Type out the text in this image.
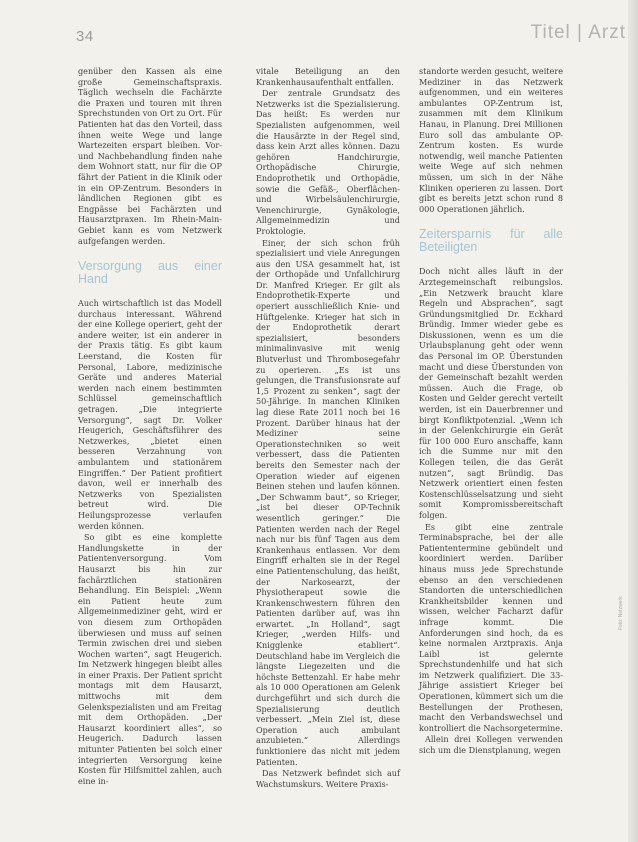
34	Titel | Arzt

genüber den Kassen als eine große Gemeinschaftspraxis. Täglich wechseln die Fachärzte die Praxen und touren mit ihren Sprechstunden von Ort zu Ort. Für Patienten hat das den Vorteil, dass ihnen weite Wege und lange Wartezeiten erspart bleiben. Vor- und Nachbehandlung finden nahe dem Wohnort statt, nur für die OP fährt der Patient in die Klinik oder in ein OP-Zentrum. Besonders in ländlichen Regionen gibt es Engpässe bei Fachärzten und Hausarztpraxen. Im Rhein-Main-Gebiet kann es vom Netzwerk aufgefangen werden.

Versorgung aus einer Hand

Auch wirtschaftlich ist das Modell durchaus interessant. Während der eine Kollege operiert, geht der andere weiter, ist ein anderer in der Praxis tätig. Es gibt kaum Leerstand, die Kosten für Personal, Labore, medizinische Geräte und anderes Material werden nach einem bestimmten Schlüssel gemeinschaftlich getragen. „Die integrierte Versorgung“, sagt Dr. Volker Heugerich, Geschäftsführer des Netzwerkes, „bietet einen besseren Verzahnung von ambulantem und stationärem Eingriffen.“ Der Patient profitiert davon, weil er innerhalb des Netzwerks von Spezialisten betreut wird. Die Heilungsprozesse verlaufen werden können.

So gibt es eine komplette Handlungskette in der Patientenversorgung. Vom Hausarzt bis hin zur fachärztlichen stationären Behandlung. Ein Beispiel: „Wenn ein Patient heute zum Allgemeinmediziner geht, wird er von diesem zum Orthopäden überwiesen und muss auf seinen Termin zwischen drei und sieben Wochen warten“, sagt Heugerich. Im Netzwerk hingegen bleibt alles in einer Praxis. Der Patient spricht montags mit dem Hausarzt, mittwochs mit dem Gelenkspezialisten und am Freitag mit dem Orthopäden. „Der Hausarzt koordiniert alles“, so Heugerich. Dadurch lassen mitunter Patienten bei solch einer integrierten Versorgung keine Kosten für Hilfsmittel zahlen, auch eine in-

vitale Beteiligung an den Krankenhausaufenthalt entfallen.

Der zentrale Grundsatz des Netzwerks ist die Spezialisierung. Das heißt: Es werden nur Spezialisten aufgenommen, weil die Hausärzte in der Regel sind, dass kein Arzt alles können. Dazu gehören Handchirurgie, Orthopädische Chirurgie, Endoprothetik und Orthopädie, sowie die Gefäß-, Oberflächen- und Wirbelsäulenchirurgie, Venenchirurgie, Gynäkologie, Allgemeinmedizin und Proktologie.

Einer, der sich schon früh spezialisiert und viele Anregungen aus den USA gesammelt hat, ist der Orthopäde und Unfallchirurg Dr. Manfred Krieger. Er gilt als Endoprothetik-Experte und operiert ausschließlich Knie- und Hüftgelenke. Krieger hat sich in der Endoprothetik derart spezialisiert, besonders minimalinvasive mit wenig Blutverlust und Thrombosegefahr zu operieren. „Es ist uns gelungen, die Transfusionsrate auf 1,5 Prozent zu senken“, sagt der 50-Jährige. In manchen Kliniken lag diese Rate 2011 noch bei 16 Prozent. Darüber hinaus hat der Mediziner seine Operationstechniken so weit verbessert, dass die Patienten bereits den Semester nach der Operation wieder auf eigenen Beinen stehen und laufen können. „Der Schwamm baut“, so Krieger, „ist bei dieser OP-Technik wesentlich geringer.“ Die Patienten werden nach der Regel nach nur bis fünf Tagen aus dem Krankenhaus entlassen. Vor dem Eingriff erhalten sie in der Regel eine Patientenschulung, das heißt, der Narkosearzt, der Physiotherapeut sowie die Krankenschwestern führen den Patienten darüber auf, was ihn erwartet. „In Holland“, sagt Krieger, „werden Hilfs- und Knigglenke etabliert“. Deutschland habe im Vergleich die längste Liegezeiten und die höchste Bettenzahl. Er habe mehr als 10 000 Operationen am Gelenk durchgeführt und sich durch die Spezialisierung deutlich verbessert. „Mein Ziel ist, diese Operation auch ambulant anzubieten.“ Allerdings funktioniere das nicht mit jedem Patienten.

Das Netzwerk befindet sich auf Wachstumskurs. Weitere Praxis-

standorte werden gesucht, weitere Mediziner in das Netzwerk aufgenommen, und ein weiteres ambulantes OP-Zentrum ist, zusammen mit dem Klinikum Hanau, in Planung. Drei Millionen Euro soll das ambulante OP-Zentrum kosten. Es wurde notwendig, weil manche Patienten weite Wege auf sich nehmen müssen, um sich in der Nähe Kliniken operieren zu lassen. Dort gibt es bereits jetzt schon rund 8 000 Operationen jährlich.

Zeitersparnis für alle Beteiligten

Doch nicht alles läuft in der Arztegemeinschaft reibungslos. „Ein Netzwerk braucht klare Regeln und Absprachen“, sagt Gründungsmitglied Dr. Eckhard Bründig. Immer wieder gebe es Diskussionen, wenn es um die Urlaubsplanung geht oder wenn das Personal im OP. Überstunden macht und diese Überstunden von der Gemeinschaft bezahlt werden müssen. Auch die Frage, ob Kosten und Gelder gerecht verteilt werden, ist ein Dauerbrenner und birgt Konfliktpotenzial. „Wenn ich in der Gelenkchirurgie ein Gerät für 100 000 Euro anschaffe, kann ich die Summe nur mit den Kollegen teilen, die das Gerät nutzen“, sagt Bründig. Das Netzwerk orientiert einen festen Kostenschlüsselsatzung und sieht somit Kompromissbereitschaft folgen.

Es gibt eine zentrale Terminabsprache, bei der alle Patiententermine gebündelt und koordiniert werden. Darüber hinaus muss jede Sprechstunde ebenso an den verschiedenen Standorten die unterschiedlichen Krankheitsbilder kennen und wissen, welcher Facharzt dafür infrage kommt. Die Anforderungen sind hoch, da es keine normalen Arztpraxis. Anja Laibl ist gelernte Sprechstundenhilfe und hat sich im Netzwerk qualifiziert. Die 33-Jährige assistiert Krieger bei Operationen, kümmert sich um die Bestellungen der Prothesen, macht den Verbandswechsel und kontrolliert die Nachsorgetermine.

Allein drei Kollegen verwenden sich um die Dienstplanung, wegen

Foto: Netzwerk
